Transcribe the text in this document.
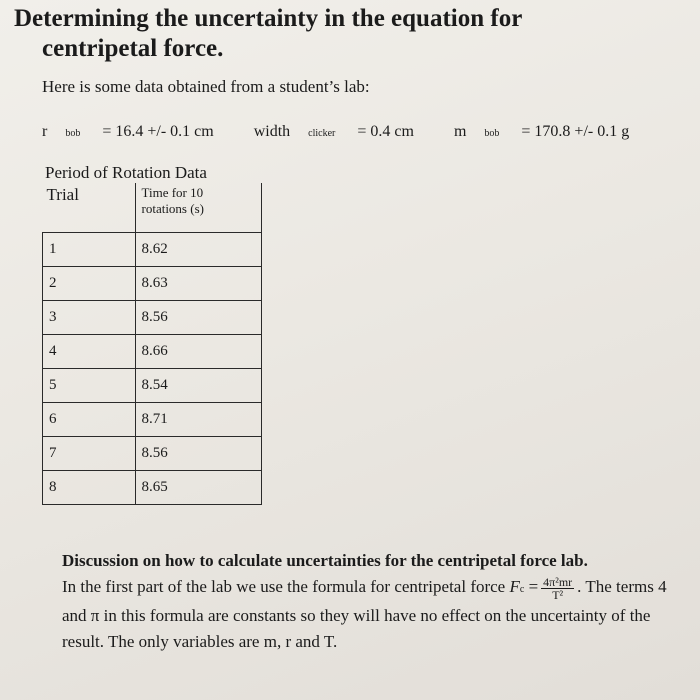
Determining the uncertainty in the equation for
centripetal force.

Here is some data obtained from a student’s lab:

r bob = 16.4 +/- 0.1 cm	width clicker = 0.4 cm	m bob = 170.8 +/- 0.1 g

Period of Rotation Data

Trial	Time for 10
rotations (s)
1	8.62
2	8.63
3	8.56
4	8.66
5	8.54
6	8.71
7	8.56
8	8.65
Discussion on how to calculate uncertainties for the centripetal force lab.
In the first part of the lab we use the formula for centripetal force $Fc = \frac{\text{4π²mr}}{\text{T²}}$ . The terms 4 and π in this formula are constants so they will have no effect on the uncertainty of the result. The only variables are m, r and T.
